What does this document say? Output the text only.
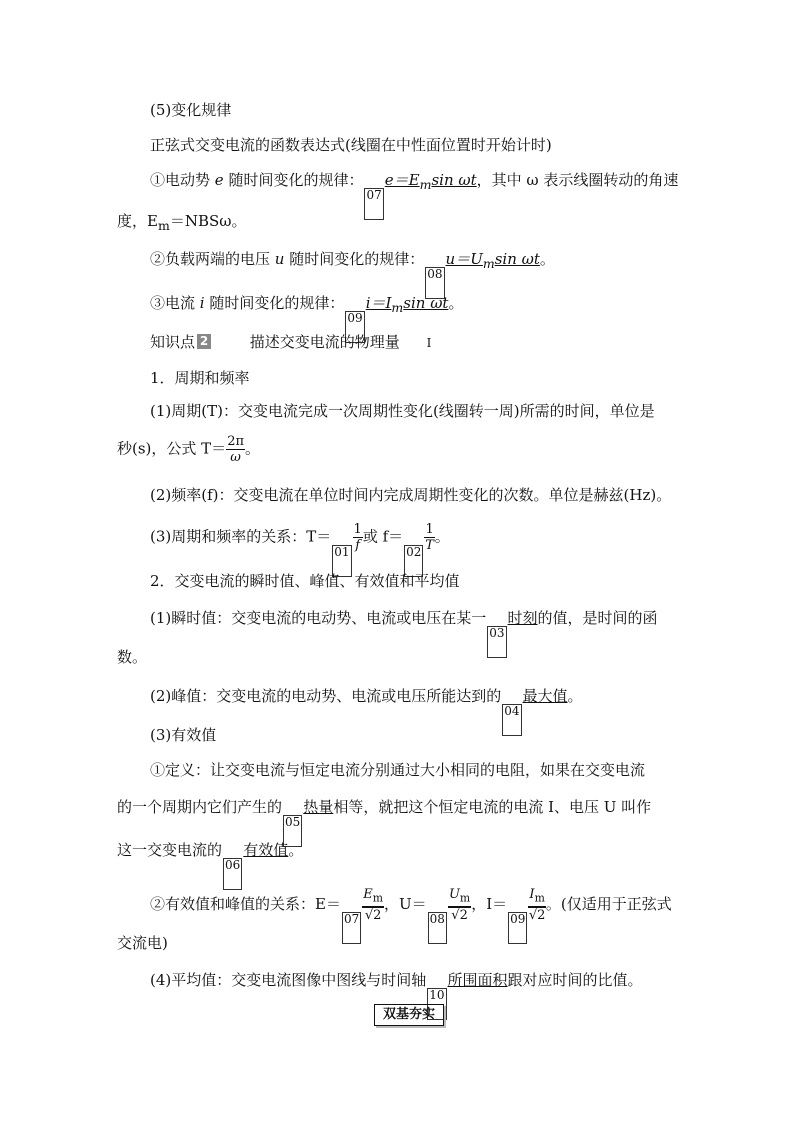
(5)变化规律
正弦式交变电流的函数表达式(线圈在中性面位置时开始计时)
①电动势 e 随时间变化的规律：$07e=E_m\sin$ ωt，其中 ω 表示线圈转动的角速
度，$E_m=NBS\omega$。
②负载两端的电压 u 随时间变化的规律：$08u=U_m\sin$ ωt。
③电流 i 随时间变化的规律：$09i=I_m\sin$ ωt。
知识点 2	描述交变电流的物理量 I
1．周期和频率
(1)周期(T)：交变电流完成一次周期性变化(线圈转一周)所需的时间，单位是
秒(s)，公式 $T= \frac{2\pi}{\omega}$ 。
(2)频率(f)：交变电流在单位时间内完成周期性变化的次数。单位是赫兹(Hz)。
(3)周期和频率的关系：$T=01 \frac{1}{f}$ 或 $f=02 \frac{1}{T}$ 。
2．交变电流的瞬时值、峰值、有效值和平均值
(1)瞬时值：交变电流的电动势、电流或电压在某一03时刻的值，是时间的函
数。
(2)峰值：交变电流的电动势、电流或电压所能达到的04最大值。
(3)有效值
①定义：让交变电流与恒定电流分别通过大小相同的电阻，如果在交变电流
的一个周期内它们产生的05热量相等，就把这个恒定电流的电流 I、电压 U 叫作
这一交变电流的06有效值。
②有效值和峰值的关系：$E=07 \frac{E_m}{√2}$ ，$U=08 \frac{U_m}{√2}$ ，$I=09 \frac{I_m}{√2}$ 。(仅适用于正弦式
交流电)
(4)平均值：交变电流图像中图线与时间轴10所围面积跟对应时间的比值。
双基夯实
